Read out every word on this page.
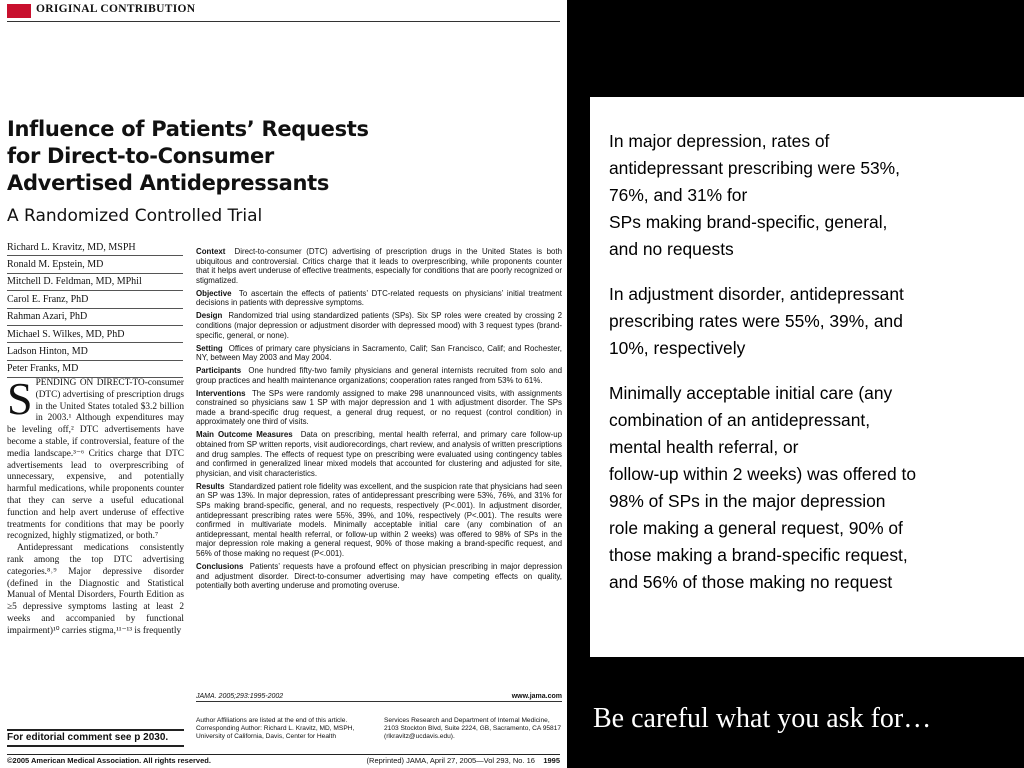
ORIGINAL CONTRIBUTION
Influence of Patients’ Requests
for Direct-to-Consumer
Advertised Antidepressants
A Randomized Controlled Trial
Richard L. Kravitz, MD, MSPH
Ronald M. Epstein, MD
Mitchell D. Feldman, MD, MPhil
Carol E. Franz, PhD
Rahman Azari, PhD
Michael S. Wilkes, MD, PhD
Ladson Hinton, MD
Peter Franks, MD
S PENDING ON DIRECT-TO-consumer (DTC) advertising of prescription drugs in the United States totaled $3.2 billion in 2003.¹ Although expenditures may be leveling off,² DTC advertisements have become a stable, if controversial, feature of the media landscape.³⁻⁶ Critics charge that DTC advertisements lead to overprescribing of unnecessary, expensive, and potentially harmful medications, while proponents counter that they can serve a useful educational function and help avert underuse of effective treatments for conditions that may be poorly recognized, highly stigmatized, or both.⁷
Antidepressant medications consistently rank among the top DTC advertising categories.⁸˒⁹ Major depressive disorder (defined in the Diagnostic and Statistical Manual of Mental Disorders, Fourth Edition as ≥5 depressive symptoms lasting at least 2 weeks and accompanied by functional impairment)¹⁰ carries stigma,¹¹⁻¹³ is frequently
Context Direct-to-consumer (DTC) advertising of prescription drugs in the United States is both ubiquitous and controversial. Critics charge that it leads to overprescribing, while proponents counter that it helps avert underuse of effective treatments, especially for conditions that are poorly recognized or stigmatized.
Objective To ascertain the effects of patients’ DTC-related requests on physicians’ initial treatment decisions in patients with depressive symptoms.
Design Randomized trial using standardized patients (SPs). Six SP roles were created by crossing 2 conditions (major depression or adjustment disorder with depressed mood) with 3 request types (brand-specific, general, or none).
Setting Offices of primary care physicians in Sacramento, Calif; San Francisco, Calif; and Rochester, NY, between May 2003 and May 2004.
Participants One hundred fifty-two family physicians and general internists recruited from solo and group practices and health maintenance organizations; cooperation rates ranged from 53% to 61%.
Interventions The SPs were randomly assigned to make 298 unannounced visits, with assignments constrained so physicians saw 1 SP with major depression and 1 with adjustment disorder. The SPs made a brand-specific drug request, a general drug request, or no request (control condition) in approximately one third of visits.
Main Outcome Measures Data on prescribing, mental health referral, and primary care follow-up obtained from SP written reports, visit audiorecordings, chart review, and analysis of written prescriptions and drug samples. The effects of request type on prescribing were evaluated using contingency tables and confirmed in generalized linear mixed models that accounted for clustering and adjusted for site, physician, and visit characteristics.
Results Standardized patient role fidelity was excellent, and the suspicion rate that physicians had seen an SP was 13%. In major depression, rates of antidepressant prescribing were 53%, 76%, and 31% for SPs making brand-specific, general, and no requests, respectively (P<.001). In adjustment disorder, antidepressant prescribing rates were 55%, 39%, and 10%, respectively (P<.001). The results were confirmed in multivariate models. Minimally acceptable initial care (any combination of an antidepressant, mental health referral, or follow-up within 2 weeks) was offered to 98% of SPs in the major depression role making a general request, 90% of those making a brand-specific request, and 56% of those making no request (P<.001).
Conclusions Patients’ requests have a profound effect on physician prescribing in major depression and adjustment disorder. Direct-to-consumer advertising may have competing effects on quality, potentially both averting underuse and promoting overuse.
JAMA. 2005;293:1995-2002	www.jama.com
Author Affiliations are listed at the end of this article. Corresponding Author: Richard L. Kravitz, MD, MSPH, University of California, Davis, Center for Health
Services Research and Department of Internal Medicine, 2103 Stockton Blvd, Suite 2224, GB, Sacramento, CA 95817 (rlkravitz@ucdavis.edu).
For editorial comment see p 2030.
©2005 American Medical Association. All rights reserved.	(Reprinted) JAMA, April 27, 2005—Vol 293, No. 16 1995

In major depression, rates of
antidepressant prescribing were 53%,
76%, and 31% for
SPs making brand-specific, general,
and no requests

In adjustment disorder, antidepressant
prescribing rates were 55%, 39%, and
10%, respectively

Minimally acceptable initial care (any
combination of an antidepressant,
mental health referral, or
follow-up within 2 weeks) was offered to
98% of SPs in the major depression
role making a general request, 90% of
those making a brand-specific request,
and 56% of those making no request

Be careful what you ask for…
